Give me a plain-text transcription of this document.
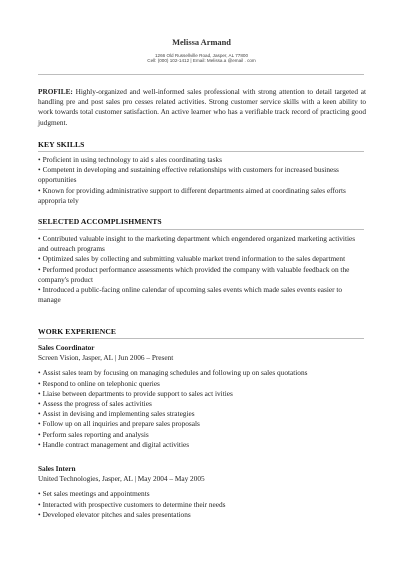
Melissa Armand
1266 Old Russellville Road, Jasper, AL 77800
Cell: (000) 102-1412 | Email: Melissa.a @email . com
PROFILE: Highly-organized and well-informed sales professional with strong attention to detail targeted at handling pre and post sales pro cesses related activities. Strong customer service skills with a keen ability to work towards total customer satisfaction. An active learner who has a verifiable track record of practicing good judgment.
KEY SKILLS
• Proficient in using technology to aid s ales coordinating tasks
• Competent in developing and sustaining effective relationships with customers for increased business opportunities
• Known for providing administrative support to different departments aimed at coordinating sales efforts appropria tely
SELECTED ACCOMPLISHMENTS
• Contributed valuable insight to the marketing department which engendered organized marketing activities and outreach programs
• Optimized sales by collecting and submitting valuable market trend information to the sales department
• Performed product performance assessments which provided the company with valuable feedback on the company's product
• Introduced a public-facing online calendar of upcoming sales events which made sales events easier to manage
WORK EXPERIENCE
Sales Coordinator
Screen Vision, Jasper, AL | Jun 2006 – Present
• Assist sales team by focusing on managing schedules and following up on sales quotations
• Respond to online on telephonic queries
• Liaise between departments to provide support to sales act ivities
• Assess the progress of sales activities
• Assist in devising and implementing sales strategies
• Follow up on all inquiries and prepare sales proposals
• Perform sales reporting and analysis
• Handle contract management and digital activities
Sales Intern
United Technologies, Jasper, AL | May 2004 – May 2005
• Set sales meetings and appointments
• Interacted with prospective customers to determine their needs
• Developed elevator pitches and sales presentations
